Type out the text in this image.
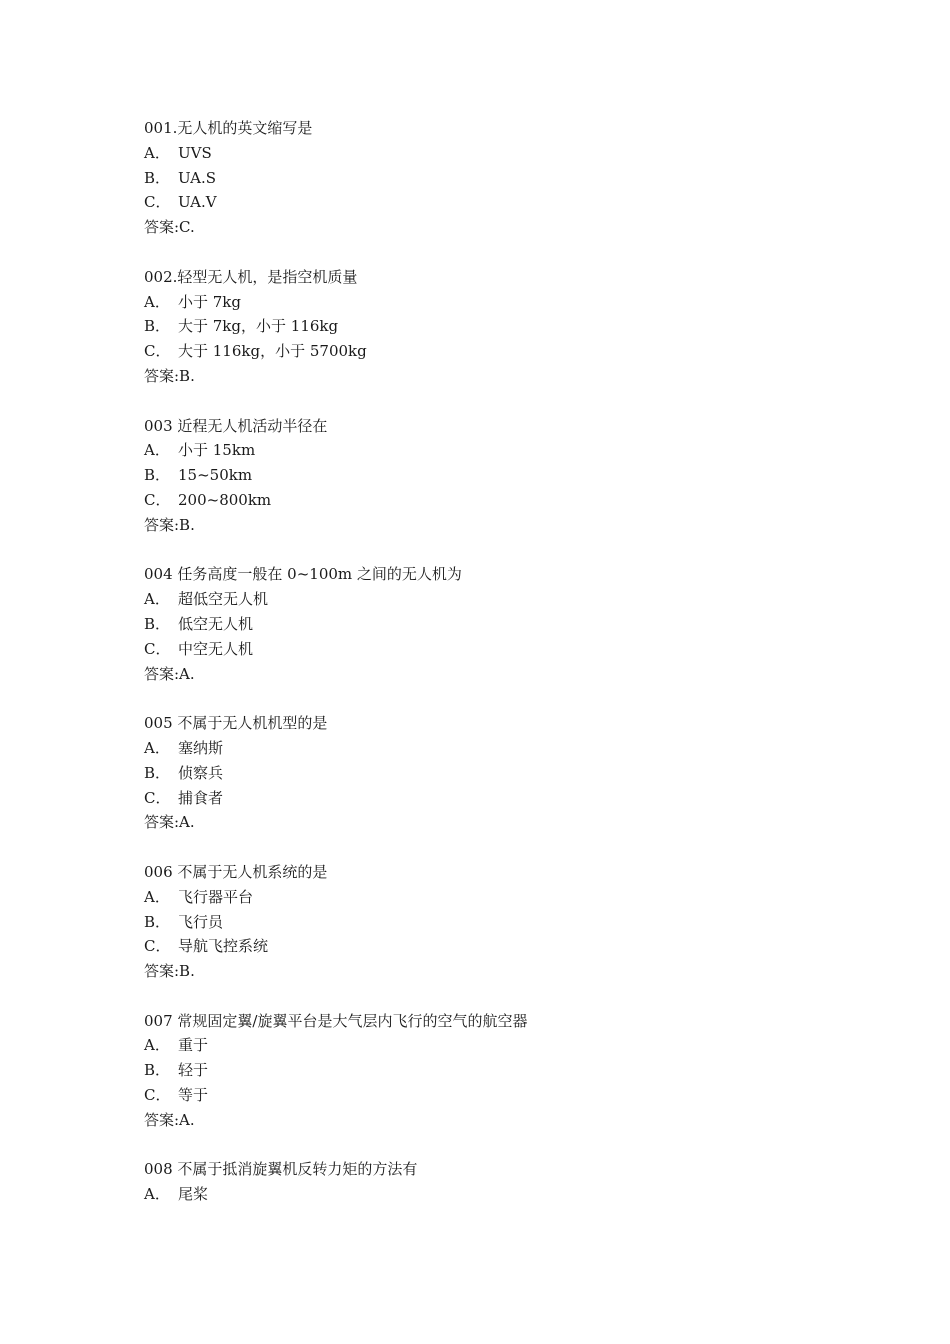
001.无人机的英文缩写是
A． UVS
B． UA.S
C． UA.V
答案:C.
002.轻型无人机，是指空机质量
A． 小于 7kg
B． 大于 7kg，小于 116kg
C． 大于 116kg，小于 5700kg
答案:B.
003 近程无人机活动半径在
A． 小于 15km
B． 15~50km
C． 200~800km
答案:B.
004 任务高度一般在 0~100m 之间的无人机为
A． 超低空无人机
B． 低空无人机
C． 中空无人机
答案:A.
005 不属于无人机机型的是
A． 塞纳斯
B． 侦察兵
C． 捕食者
答案:A.
006 不属于无人机系统的是
A． 飞行器平台
B． 飞行员
C． 导航飞控系统
答案:B.
007 常规固定翼/旋翼平台是大气层内飞行的空气的航空器
A． 重于
B． 轻于
C． 等于
答案:A.
008 不属于抵消旋翼机反转力矩的方法有
A． 尾桨
